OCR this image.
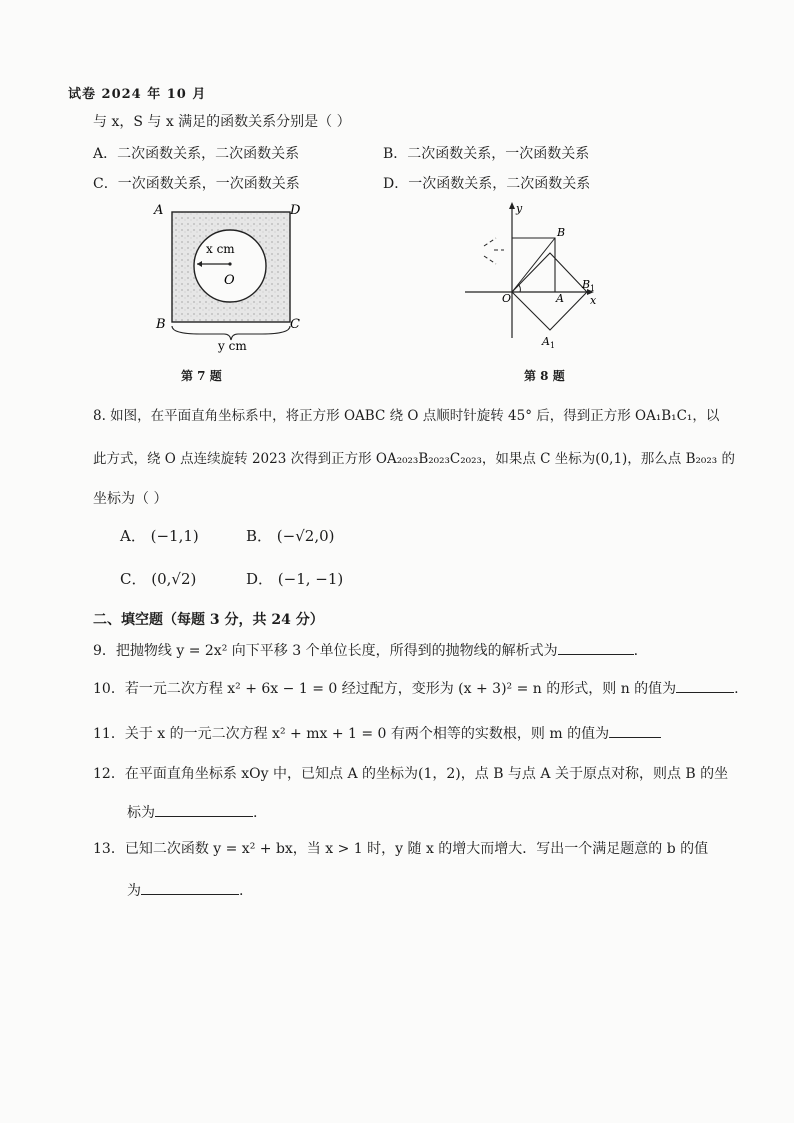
试卷 2024 年 10 月
与 x，S 与 x 满足的函数关系分别是（ ）
A．二次函数关系，二次函数关系	B．二次函数关系，一次函数关系
C．一次函数关系，一次函数关系	D．一次函数关系，二次函数关系
A	D
B	C
O
x cm
y cm
第 7 题
y
x
O	A
B
B 1
A 1
第 8 题
8. 如图，在平面直角坐标系中，将正方形 OABC 绕 O 点顺时针旋转 45° 后，得到正方形 OA₁B₁C₁，以
此方式，绕 O 点连续旋转 2023 次得到正方形 OA₂₀₂₃B₂₀₂₃C₂₀₂₃，如果点 C 坐标为(0,1)，那么点 B₂₀₂₃ 的
坐标为（ ）
A． (−1,1)	B． (−√2,0)
C． (0,√2)	D． (−1, −1)
二、填空题（每题 3 分，共 24 分）
9．把抛物线 y = 2x² 向下平移 3 个单位长度，所得到的抛物线的解析式为	.
10．若一元二次方程 x² + 6x − 1 = 0 经过配方，变形为 (x + 3)² = n 的形式，则 n 的值为	.
11．关于 x 的一元二次方程 x² + mx + 1 = 0 有两个相等的实数根，则 m 的值为
12．在平面直角坐标系 xOy 中，已知点 A 的坐标为(1，2)，点 B 与点 A 关于原点对称，则点 B 的坐
标为	.
13．已知二次函数 y = x² + bx，当 x > 1 时，y 随 x 的增大而增大．写出一个满足题意的 b 的值
为	.
